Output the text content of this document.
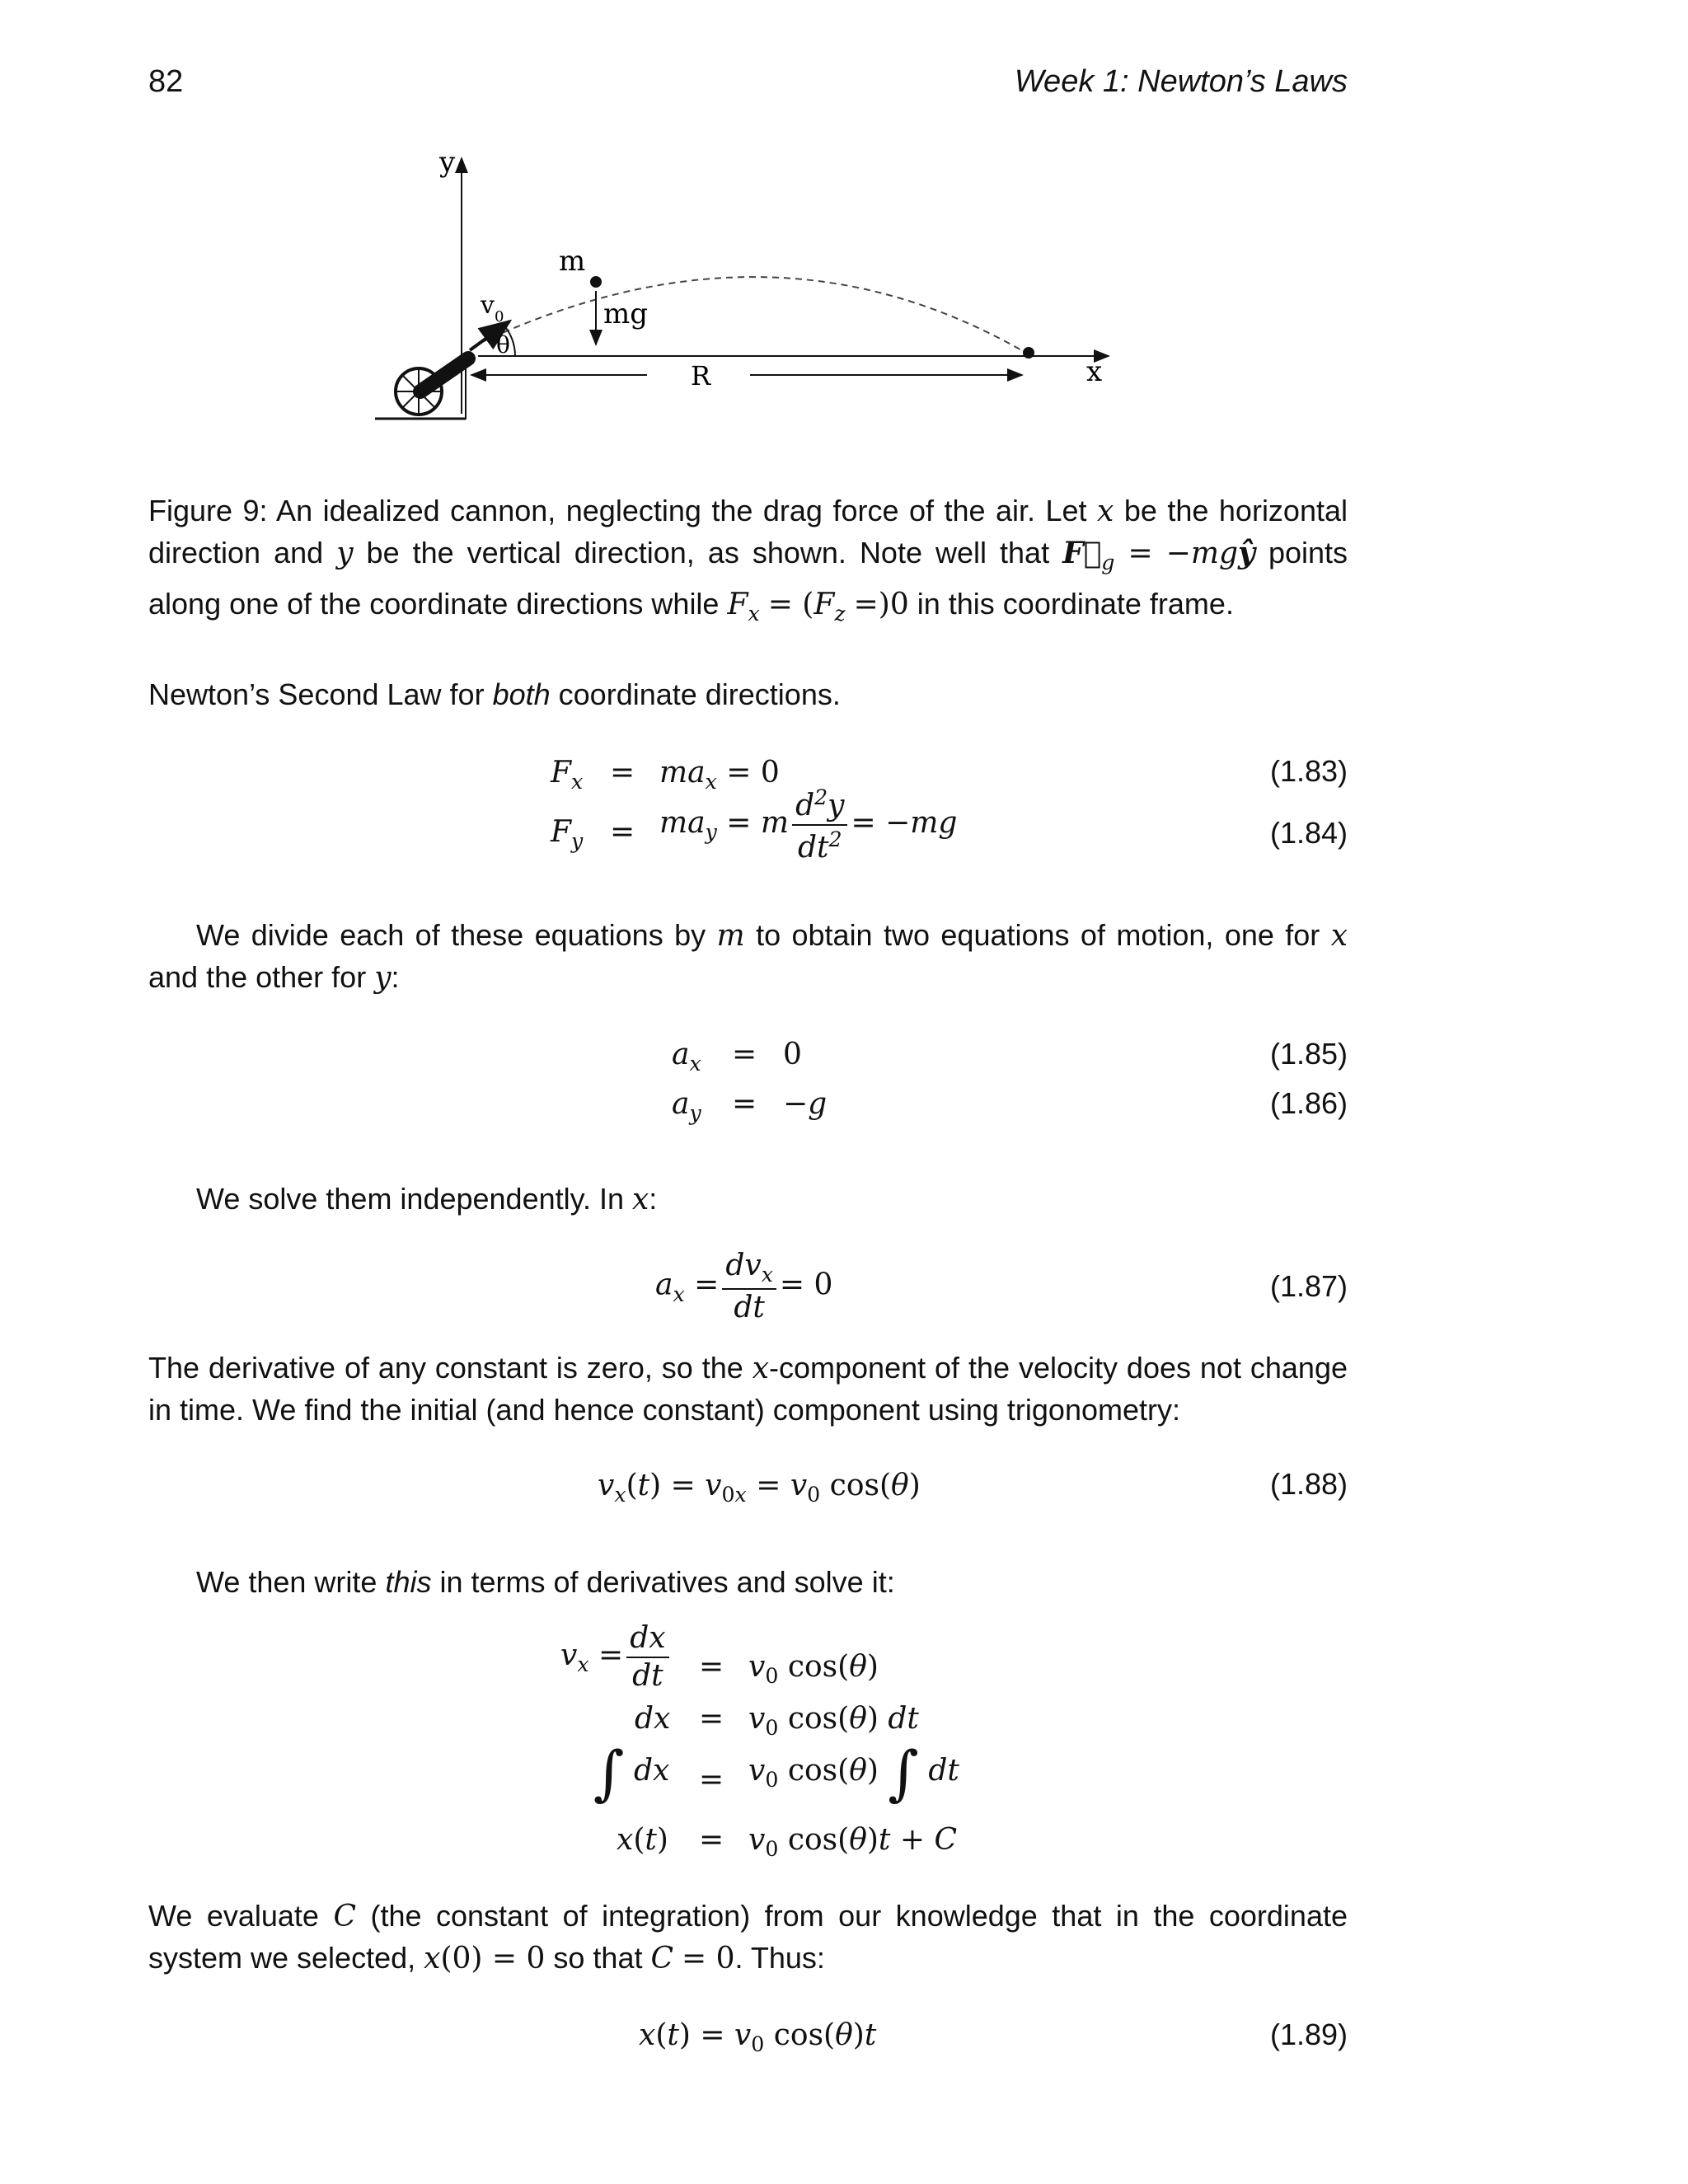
82	Week 1: Newton’s Laws
y
x
m
mg
$v_0$
θ
R
Figure 9: An idealized cannon, neglecting the drag force of the air. Let x be the horizontal direction and y be the vertical direction, as shown. Note well that $F⃗_g$ = −mgŷ points along one of the coordinate directions while $F_x = (F_z =)0$ in this coordinate frame.
Newton’s Second Law for both coordinate directions.
$F_x = ma_x = 0$	(1.83)
$F_y = ma_y = m \frac{d^2y}{dt^2} = -mg$	(1.84)
We divide each of these equations by m to obtain two equations of motion, one for x and the other for y:
$a_x = 0$	(1.85)
$a_y = -g$	(1.86)
We solve them independently. In x:
$a_x = \frac{dv_x}{dt} = 0$	(1.87)
The derivative of any constant is zero, so the x-component of the velocity does not change in time. We find the initial (and hence constant) component using trigonometry:
$v_x(t) = v_{0x} = v_0$ cos(θ)	(1.88)
We then write this in terms of derivatives and solve it:
$v_x = \frac{dx}{dt} = v_0$ cos(θ)
dx = $v_0$ cos(θ) dt
∫ dx = $v_0$ cos(θ) ∫ dt
$x(t) = v_0$ cos(θ)t + C
We evaluate C (the constant of integration) from our knowledge that in the coordinate system we selected, x(0) = 0 so that C = 0. Thus:
$x(t) = v_0$ cos(θ)t	(1.89)
